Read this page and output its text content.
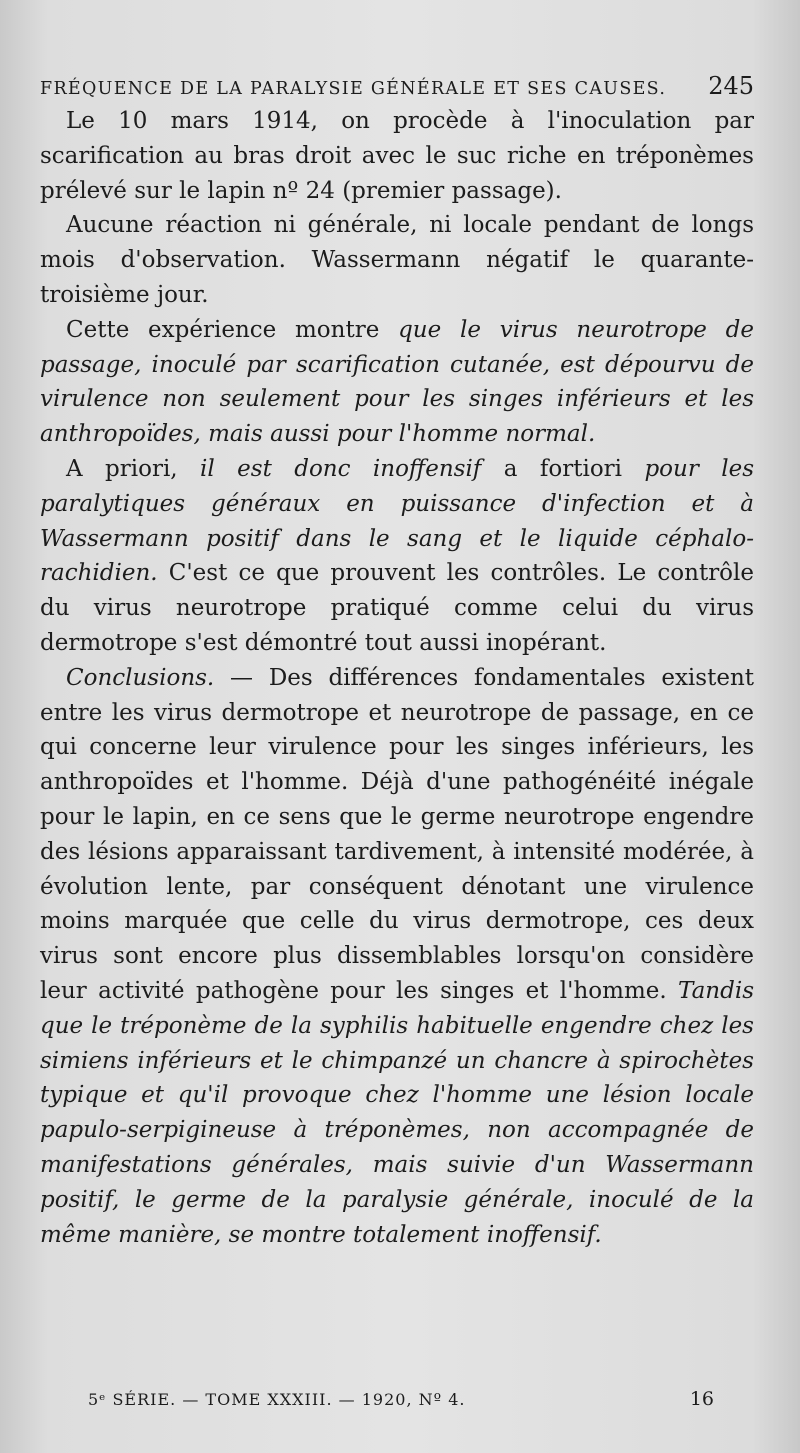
FRÉQUENCE DE LA PARALYSIE GÉNÉRALE ET SES CAUSES. 245

Le 10 mars 1914, on procède à l'inoculation par scarification au bras droit avec le suc riche en tréponèmes prélevé sur le lapin nº 24 (premier passage).

Aucune réaction ni générale, ni locale pendant de longs mois d'observation. Wassermann négatif le quarante-troisième jour.

Cette expérience montre que le virus neurotrope de passage, inoculé par scarification cutanée, est dépourvu de virulence non seulement pour les singes inférieurs et les anthropoïdes, mais aussi pour l'homme normal.

A priori, il est donc inoffensif a fortiori pour les paralytiques généraux en puissance d'infection et à Wassermann positif dans le sang et le liquide céphalo-rachidien. C'est ce que prouvent les contrôles. Le contrôle du virus neurotrope pratiqué comme celui du virus dermotrope s'est démontré tout aussi inopérant.

Conclusions. — Des différences fondamentales existent entre les virus dermotrope et neurotrope de passage, en ce qui concerne leur virulence pour les singes inférieurs, les anthropoïdes et l'homme. Déjà d'une pathogénéité inégale pour le lapin, en ce sens que le germe neurotrope engendre des lésions apparaissant tardivement, à intensité modérée, à évolution lente, par conséquent dénotant une virulence moins marquée que celle du virus dermotrope, ces deux virus sont encore plus dissemblables lorsqu'on considère leur activité pathogène pour les singes et l'homme. Tandis que le tréponème de la syphilis habituelle engendre chez les simiens inférieurs et le chimpanzé un chancre à spirochètes typique et qu'il provoque chez l'homme une lésion locale papulo-serpigineuse à tréponèmes, non accompagnée de manifestations générales, mais suivie d'un Wassermann positif, le germe de la paralysie générale, inoculé de la même manière, se montre totalement inoffensif.

5ᵉ SÉRIE. — TOME XXXIII. — 1920, Nº 4.	16
